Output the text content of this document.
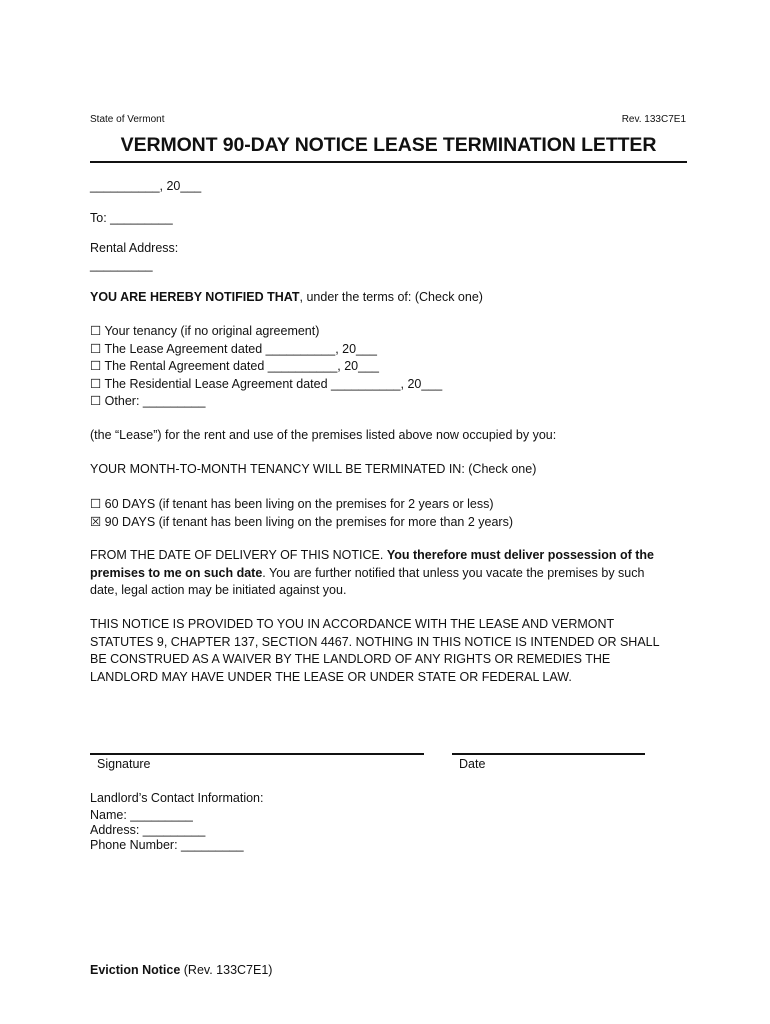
State of Vermont	Rev. 133C7E1
VERMONT 90-DAY NOTICE LEASE TERMINATION LETTER
__________, 20___
To: _________
Rental Address:
_________
YOU ARE HEREBY NOTIFIED THAT, under the terms of: (Check one)
☐ Your tenancy (if no original agreement)
☐ The Lease Agreement dated __________, 20___
☐ The Rental Agreement dated __________, 20___
☐ The Residential Lease Agreement dated __________, 20___
☐ Other: _________
(the “Lease”) for the rent and use of the premises listed above now occupied by you:
YOUR MONTH-TO-MONTH TENANCY WILL BE TERMINATED IN: (Check one)
☐ 60 DAYS (if tenant has been living on the premises for 2 years or less)
☒ 90 DAYS (if tenant has been living on the premises for more than 2 years)
FROM THE DATE OF DELIVERY OF THIS NOTICE. You therefore must deliver possession of the
premises to me on such date. You are further notified that unless you vacate the premises by such
date, legal action may be initiated against you.
THIS NOTICE IS PROVIDED TO YOU IN ACCORDANCE WITH THE LEASE AND VERMONT
STATUTES 9, CHAPTER 137, SECTION 4467. NOTHING IN THIS NOTICE IS INTENDED OR SHALL
BE CONSTRUED AS A WAIVER BY THE LANDLORD OF ANY RIGHTS OR REMEDIES THE
LANDLORD MAY HAVE UNDER THE LEASE OR UNDER STATE OR FEDERAL LAW.
Signature	Date
Landlord’s Contact Information:
Name: _________
Address: _________
Phone Number: _________
Eviction Notice (Rev. 133C7E1)
